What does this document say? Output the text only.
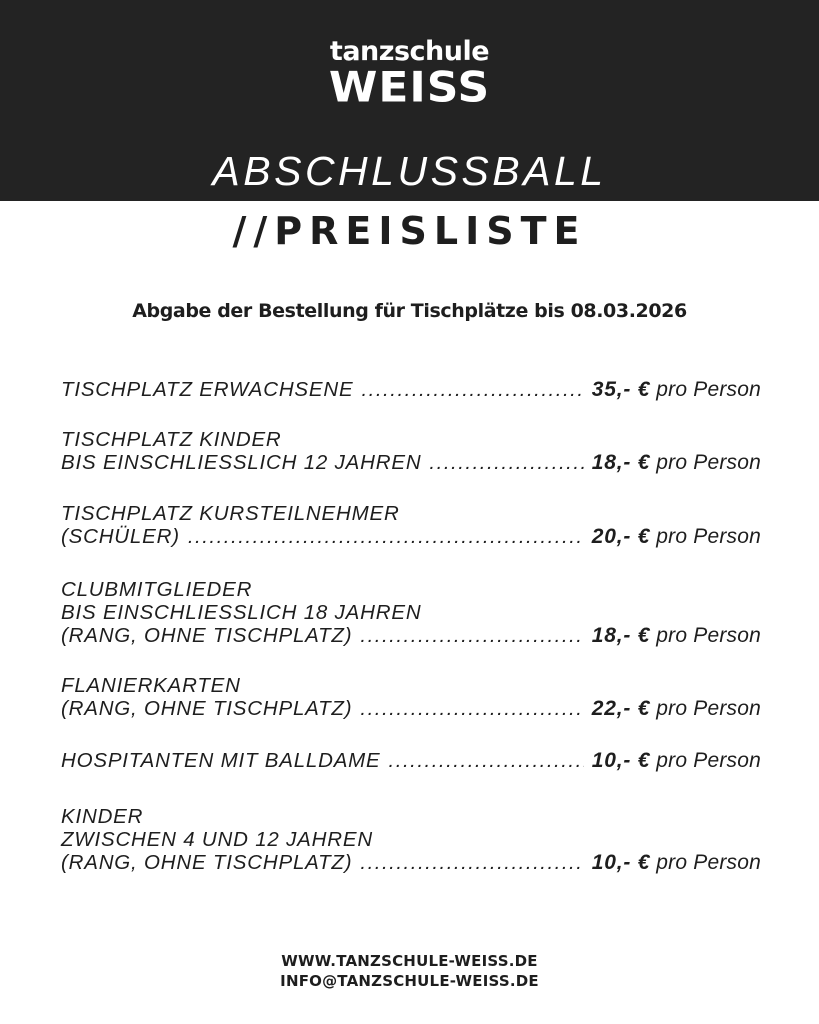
tanzschule
WEISS
ABSCHLUSSBALL
//PREISLISTE
Abgabe der Bestellung für Tischplätze bis 08.03.2026
TISCHPLATZ ERWACHSENE .....	35,- € pro Person
TISCHPLATZ KINDER
BIS EINSCHLIESSLICH 12 JAHREN .....	18,- € pro Person
TISCHPLATZ KURSTEILNEHMER
(SCHÜLER) .....	20,- € pro Person
CLUBMITGLIEDER
BIS EINSCHLIESSLICH 18 JAHREN
(RANG, OHNE TISCHPLATZ) .....	18,- € pro Person
FLANIERKARTEN
(RANG, OHNE TISCHPLATZ) .....	22,- € pro Person
HOSPITANTEN MIT BALLDAME .....	10,- € pro Person
KINDER
ZWISCHEN 4 UND 12 JAHREN
(RANG, OHNE TISCHPLATZ) .....	10,- € pro Person
WWW.TANZSCHULE-WEISS.DE
INFO@TANZSCHULE-WEISS.DE
